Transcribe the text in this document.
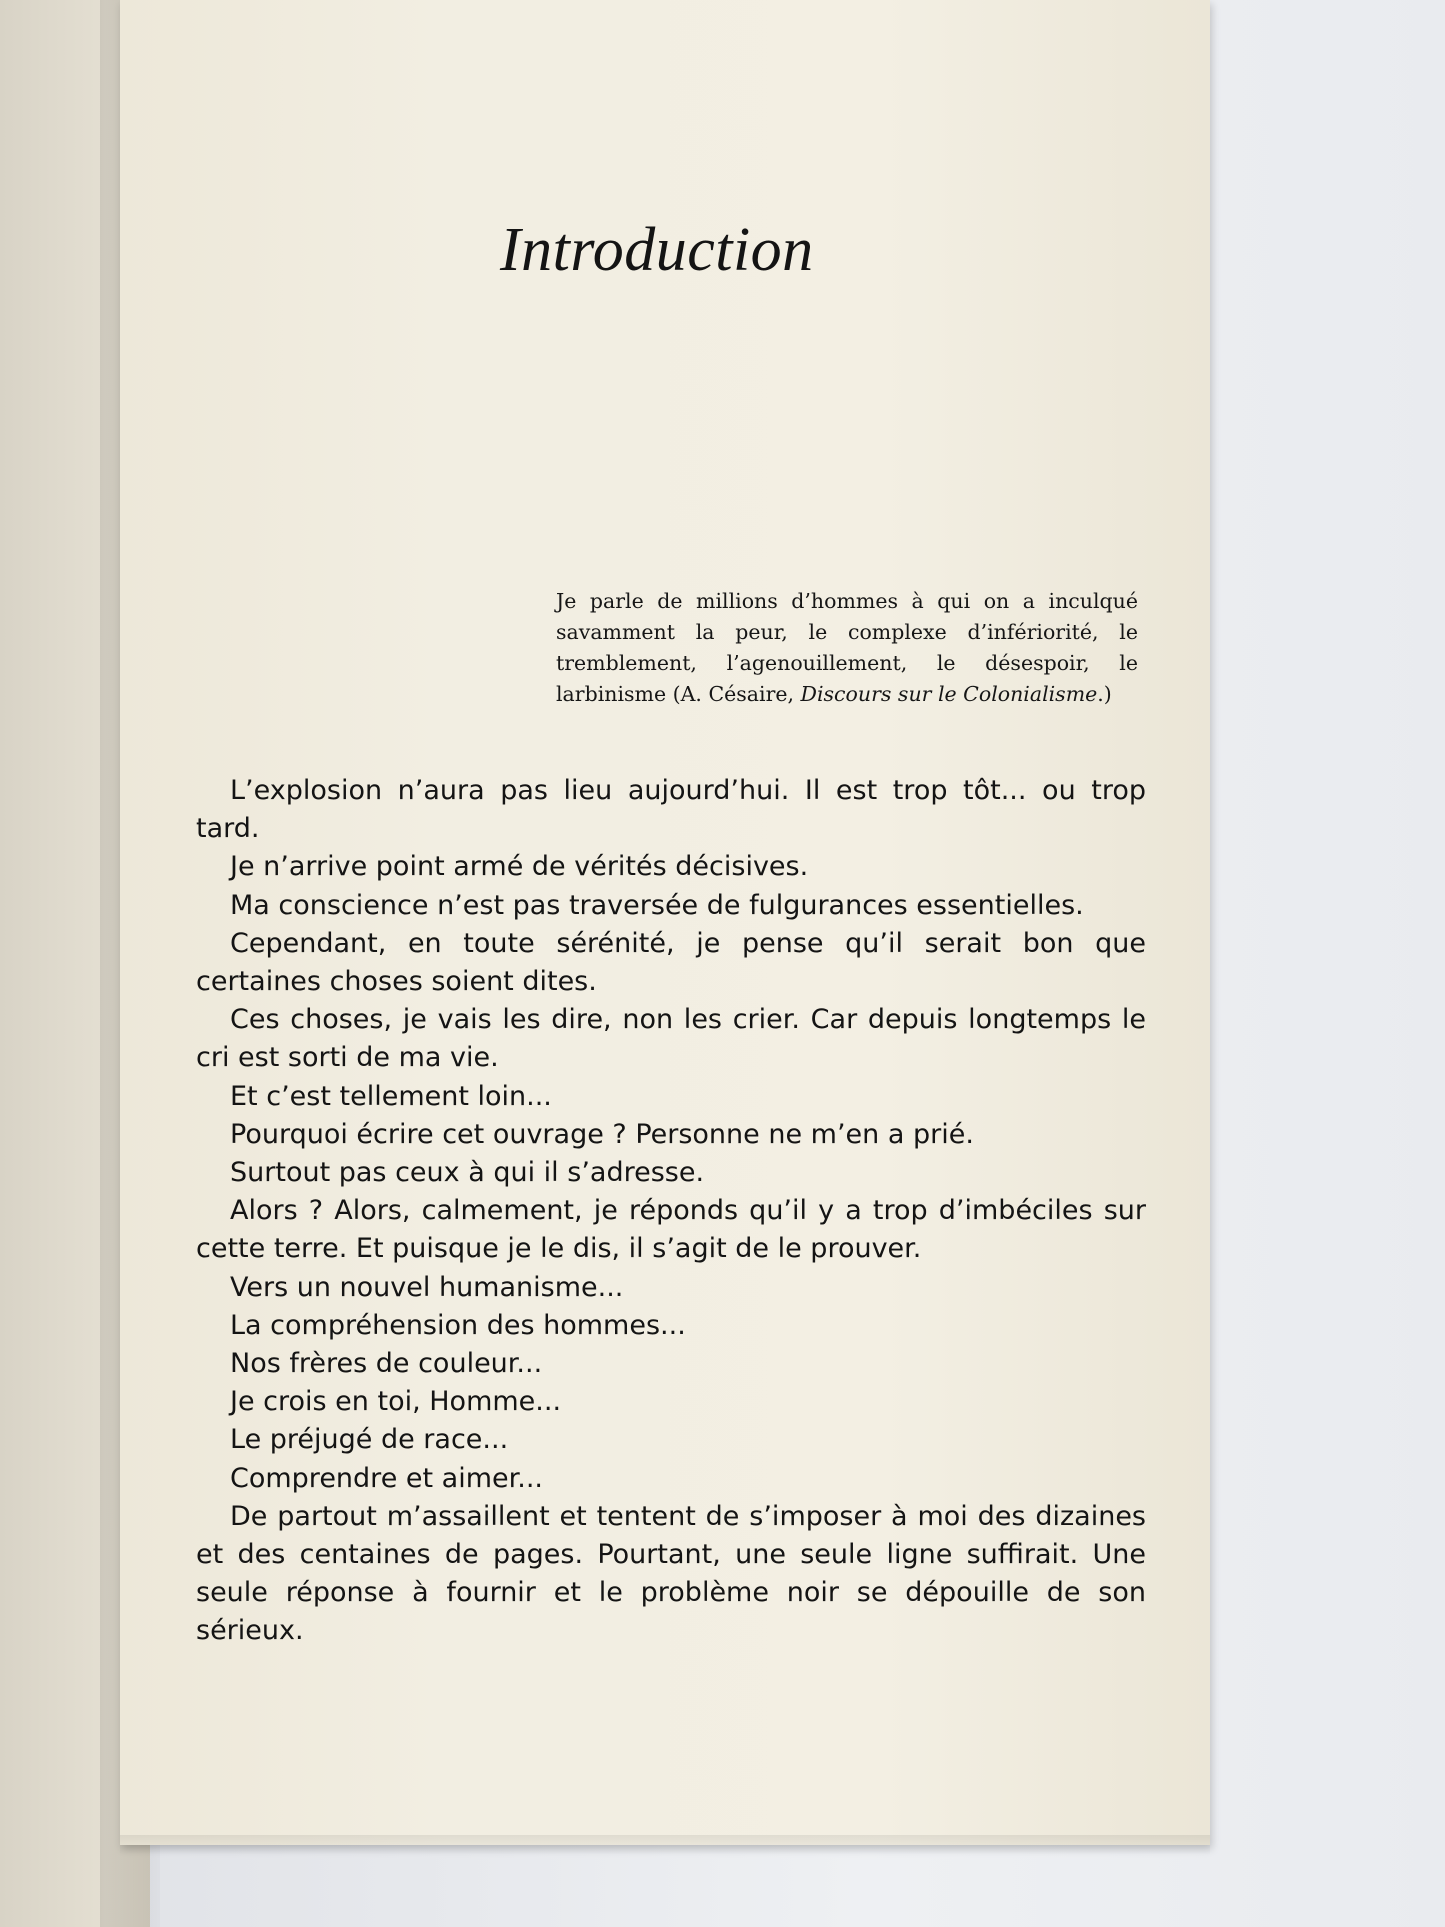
Introduction

Je parle de millions d’hommes à qui on a inculqué savamment la peur, le complexe d’infériorité, le tremblement, l’agenouillement, le désespoir, le larbinisme (A. Césaire, Discours sur le Colonialisme.)

L’explosion n’aura pas lieu aujourd’hui. Il est trop tôt... ou trop tard.

Je n’arrive point armé de vérités décisives.

Ma conscience n’est pas traversée de fulgurances essentielles.

Cependant, en toute sérénité, je pense qu’il serait bon que certaines choses soient dites.

Ces choses, je vais les dire, non les crier. Car depuis longtemps le cri est sorti de ma vie.

Et c’est tellement loin...

Pourquoi écrire cet ouvrage ? Personne ne m’en a prié.

Surtout pas ceux à qui il s’adresse.

Alors ? Alors, calmement, je réponds qu’il y a trop d’imbéciles sur cette terre. Et puisque je le dis, il s’agit de le prouver.

Vers un nouvel humanisme...

La compréhension des hommes...

Nos frères de couleur...

Je crois en toi, Homme...

Le préjugé de race...

Comprendre et aimer...

De partout m’assaillent et tentent de s’imposer à moi des dizaines et des centaines de pages. Pourtant, une seule ligne suffirait. Une seule réponse à fournir et le problème noir se dépouille de son sérieux.
